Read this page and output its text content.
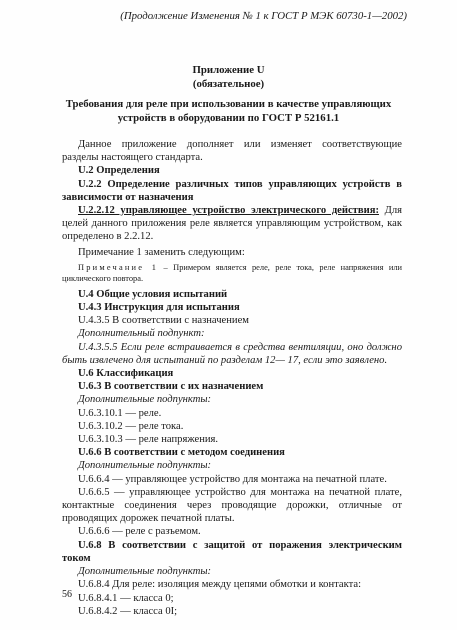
(Продолжение Изменения № 1 к ГОСТ Р МЭК 60730-1—2002)
Приложение U
(обязательное)
Требования для реле при использовании в качестве управляющих
устройств в оборудовании по ГОСТ Р 52161.1

Данное приложение дополняет или изменяет соответствующие разделы настоящего стандарта.

U.2 Определения

U.2.2 Определение различных типов управляющих устройств в зависимости от назначения

U.2.2.12 управляющее устройство электрического действия: Для целей данного приложения реле является управляющим устройством, как определено в 2.2.12.

Примечание 1 заменить следующим:

Примечание 1 – Примером является реле, реле тока, реле напряжения или циклического повтора.

U.4 Общие условия испытаний

U.4.3 Инструкция для испытания

U.4.3.5 В соответствии с назначением

Дополнительный подпункт:

U.4.3.5.5 Если реле встраивается в средства вентиляции, оно должно быть извлечено для испытаний по разделам 12— 17, если это заявлено.

U.6 Классификация

U.6.3 В соответствии с их назначением

Дополнительные подпункты:

U.6.3.10.1 — реле.

U.6.3.10.2 — реле тока.

U.6.3.10.3 — реле напряжения.

U.6.6 В соответствии с методом соединения

Дополнительные подпункты:

U.6.6.4 — управляющее устройство для монтажа на печатной плате.

U.6.6.5 — управляющее устройство для монтажа на печатной плате, контактные соединения через проводящие дорожки, отличные от проводящих дорожек печатной платы.

U.6.6.6 — реле с разъемом.

U.6.8 В соответствии с защитой от поражения электрическим током

Дополнительные подпункты:

U.6.8.4 Для реле: изоляция между цепями обмотки и контакта:

U.6.8.4.1 — класса 0;

U.6.8.4.2 — класса 0I;

56
